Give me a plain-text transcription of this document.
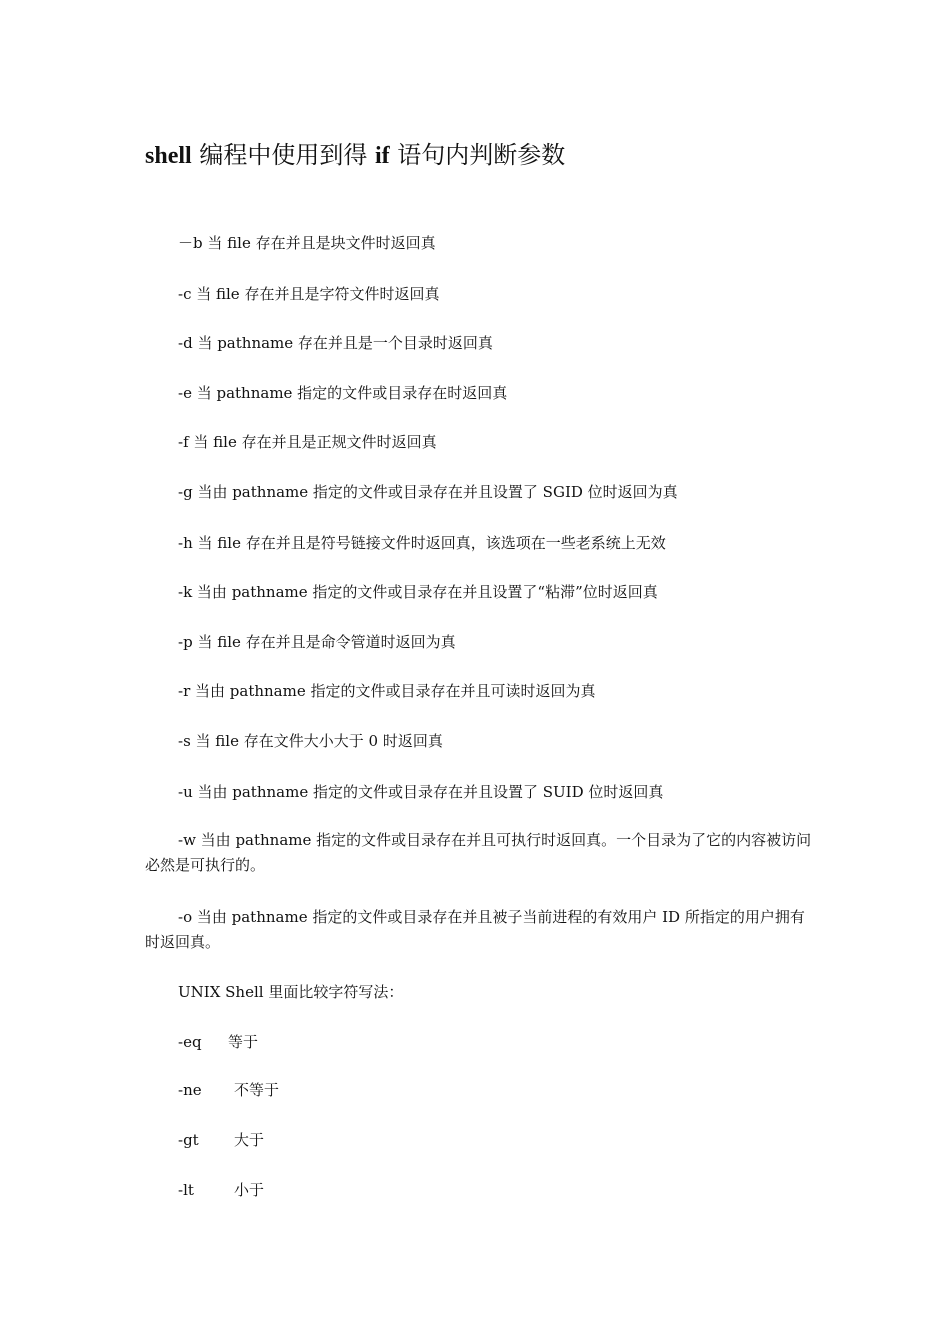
shell 编程中使用到得 if 语句内判断参数
－b 当 file 存在并且是块文件时返回真
-c 当 file 存在并且是字符文件时返回真
-d 当 pathname 存在并且是一个目录时返回真
-e 当 pathname 指定的文件或目录存在时返回真
-f 当 file 存在并且是正规文件时返回真
-g 当由 pathname 指定的文件或目录存在并且设置了 SGID 位时返回为真
-h 当 file 存在并且是符号链接文件时返回真，该选项在一些老系统上无效
-k 当由 pathname 指定的文件或目录存在并且设置了“粘滞”位时返回真
-p 当 file 存在并且是命令管道时返回为真
-r 当由 pathname 指定的文件或目录存在并且可读时返回为真
-s 当 file 存在文件大小大于 0 时返回真
-u 当由 pathname 指定的文件或目录存在并且设置了 SUID 位时返回真
-w 当由 pathname 指定的文件或目录存在并且可执行时返回真。一个目录为了它的内容被访问必然是可执行的。
-o 当由 pathname 指定的文件或目录存在并且被子当前进程的有效用户 ID 所指定的用户拥有时返回真。
UNIX Shell 里面比较字符写法：
-eq 等于
-ne 不等于
-gt 大于
-lt	小于
